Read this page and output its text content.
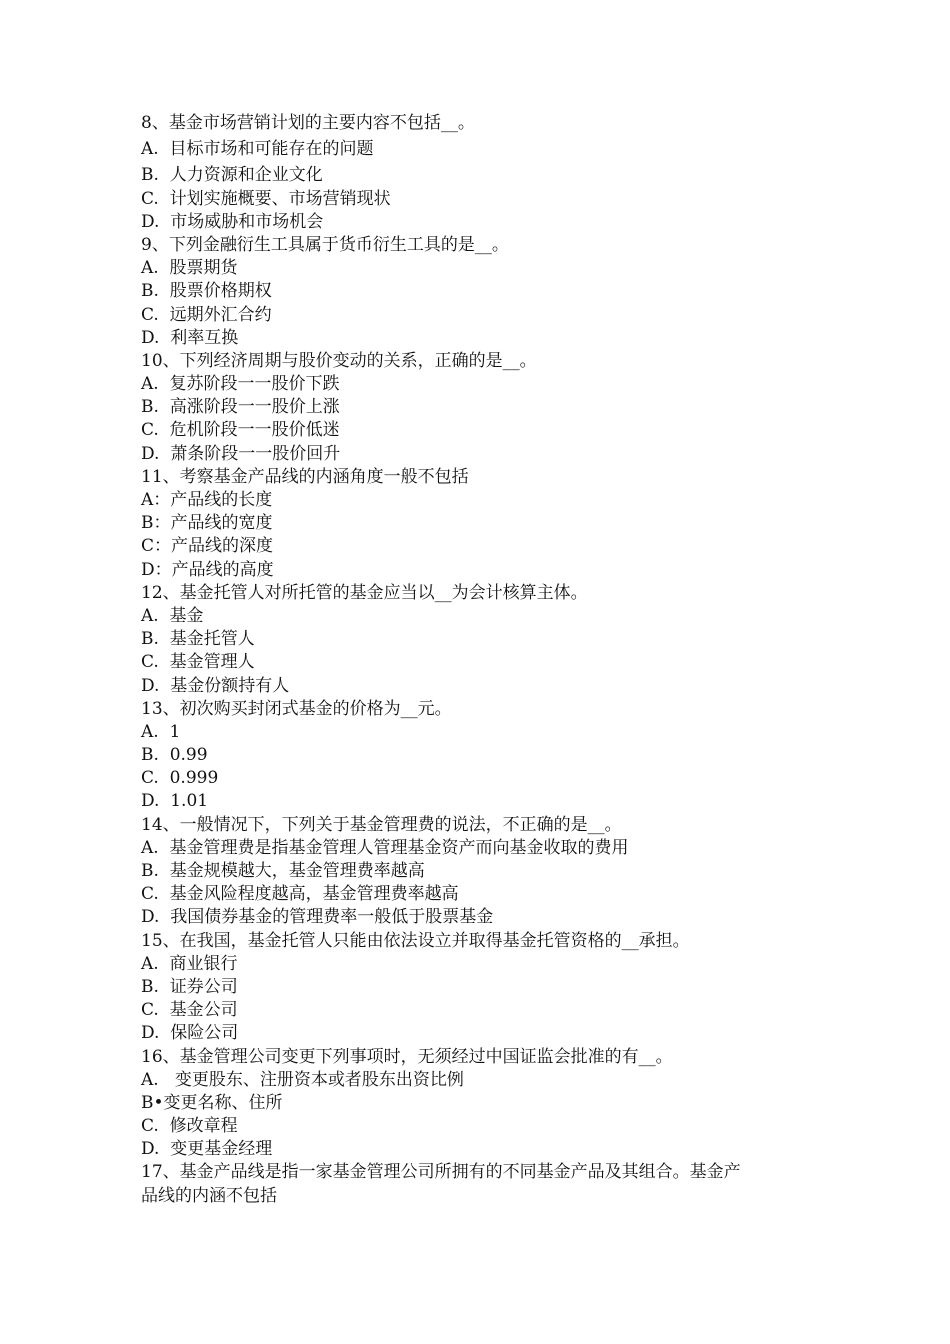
8、基金市场营销计划的主要内容不包括__。
A.  目标市场和可能存在的问题
B.  人力资源和企业文化
C.  计划实施概要、市场营销现状
D.  市场威胁和市场机会
9、下列金融衍生工具属于货币衍生工具的是__。
A.  股票期货
B.  股票价格期权
C.  远期外汇合约
D.  利率互换
10、下列经济周期与股价变动的关系，正确的是__。
A.  复苏阶段一一股价下跌
B.  高涨阶段一一股价上涨
C.  危机阶段一一股价低迷
D.  萧条阶段一一股价回升
11、考察基金产品线的内涵角度一般不包括
A：产品线的长度
B：产品线的宽度
C：产品线的深度
D：产品线的高度
12、基金托管人对所托管的基金应当以__为会计核算主体。
A.  基金
B.  基金托管人
C.  基金管理人
D.  基金份额持有人
13、初次购买封闭式基金的价格为__元。
A.  1
B.  0.99
C.  0.999
D.  1.01
14、一般情况下，下列关于基金管理费的说法，不正确的是__。
A.  基金管理费是指基金管理人管理基金资产而向基金收取的费用
B.  基金规模越大，基金管理费率越高
C.  基金风险程度越高，基金管理费率越高
D.  我国债券基金的管理费率一般低于股票基金
15、在我国，基金托管人只能由依法设立并取得基金托管资格的__承担。
A.  商业银行
B.  证券公司
C.  基金公司
D.  保险公司
16、基金管理公司变更下列事项时，无须经过中国证监会批准的有__。
A.   变更股东、注册资本或者股东出资比例
B•变更名称、住所
C.  修改章程
D.  变更基金经理
17、基金产品线是指一家基金管理公司所拥有的不同基金产品及其组合。基金产
品线的内涵不包括
